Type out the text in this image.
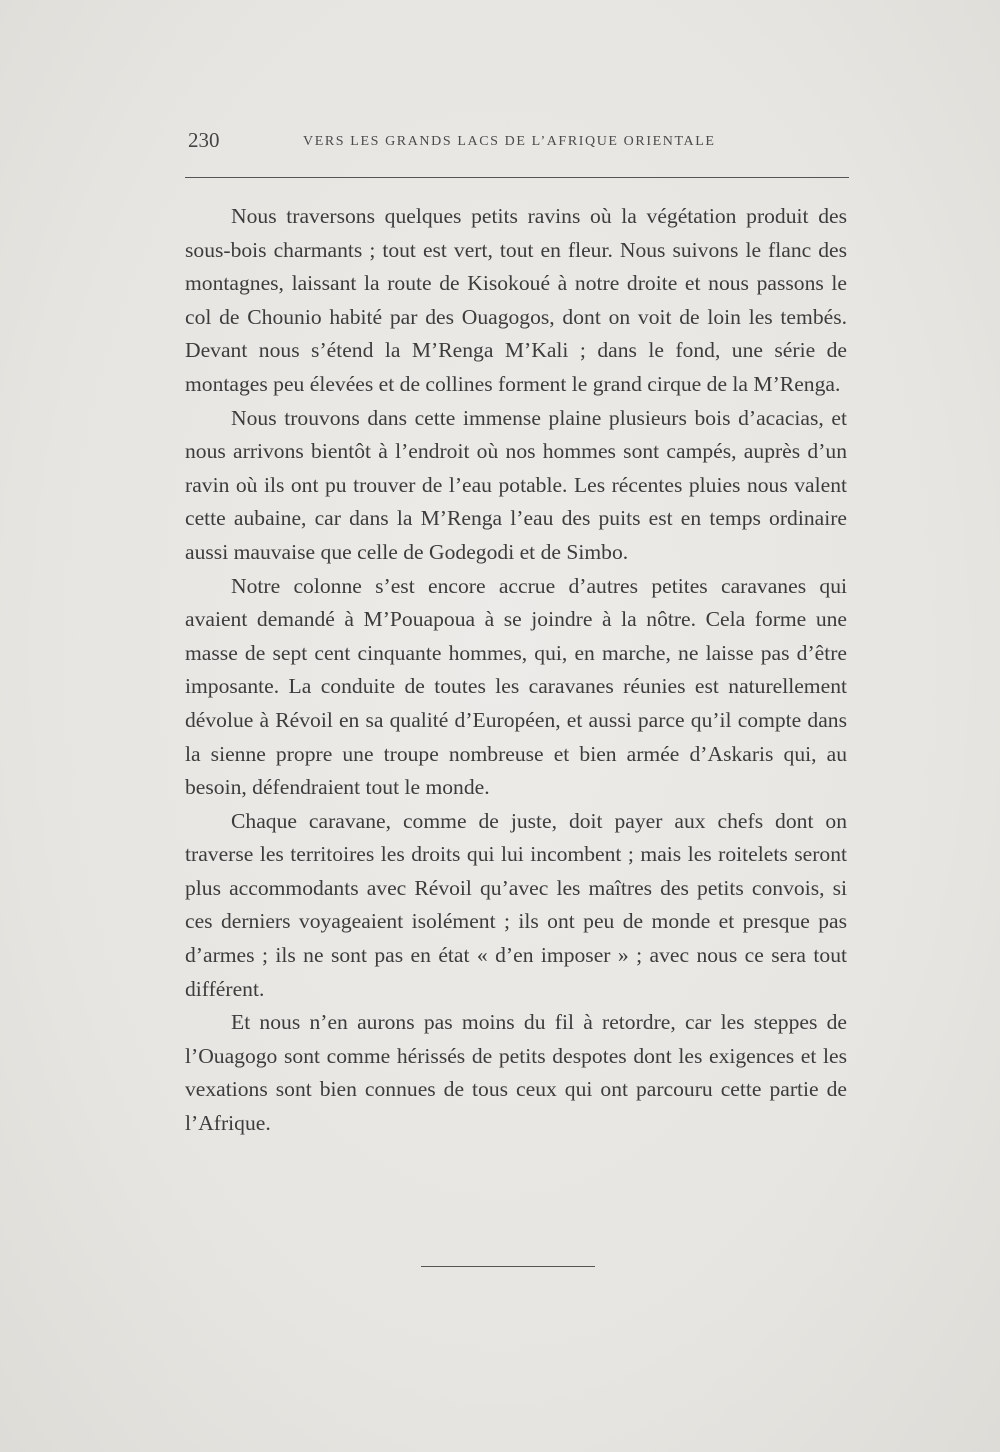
230	VERS LES GRANDS LACS DE L’AFRIQUE ORIENTALE

Nous traversons quelques petits ravins où la végétation produit des sous-bois charmants ; tout est vert, tout en fleur. Nous suivons le flanc des montagnes, laissant la route de Kisokoué à notre droite et nous passons le col de Chounio habité par des Ouagogos, dont on voit de loin les tembés. Devant nous s’étend la M’Renga M’Kali ; dans le fond, une série de montages peu élevées et de collines forment le grand cirque de la M’Renga.

Nous trouvons dans cette immense plaine plusieurs bois d’acacias, et nous arrivons bientôt à l’endroit où nos hommes sont campés, auprès d’un ravin où ils ont pu trouver de l’eau potable. Les récentes pluies nous valent cette aubaine, car dans la M’Renga l’eau des puits est en temps ordinaire aussi mauvaise que celle de Godegodi et de Simbo.

Notre colonne s’est encore accrue d’autres petites caravanes qui avaient demandé à M’Pouapoua à se joindre à la nôtre. Cela forme une masse de sept cent cinquante hommes, qui, en marche, ne laisse pas d’être imposante. La conduite de toutes les caravanes réunies est naturellement dévolue à Révoil en sa qualité d’Européen, et aussi parce qu’il compte dans la sienne propre une troupe nombreuse et bien armée d’Askaris qui, au besoin, défendraient tout le monde.

Chaque caravane, comme de juste, doit payer aux chefs dont on traverse les territoires les droits qui lui incombent ; mais les roitelets seront plus accommodants avec Révoil qu’avec les maîtres des petits convois, si ces derniers voyageaient isolément ; ils ont peu de monde et presque pas d’armes ; ils ne sont pas en état « d’en imposer » ; avec nous ce sera tout différent.

Et nous n’en aurons pas moins du fil à retordre, car les steppes de l’Ouagogo sont comme hérissés de petits despotes dont les exigences et les vexations sont bien connues de tous ceux qui ont parcouru cette partie de l’Afrique.
